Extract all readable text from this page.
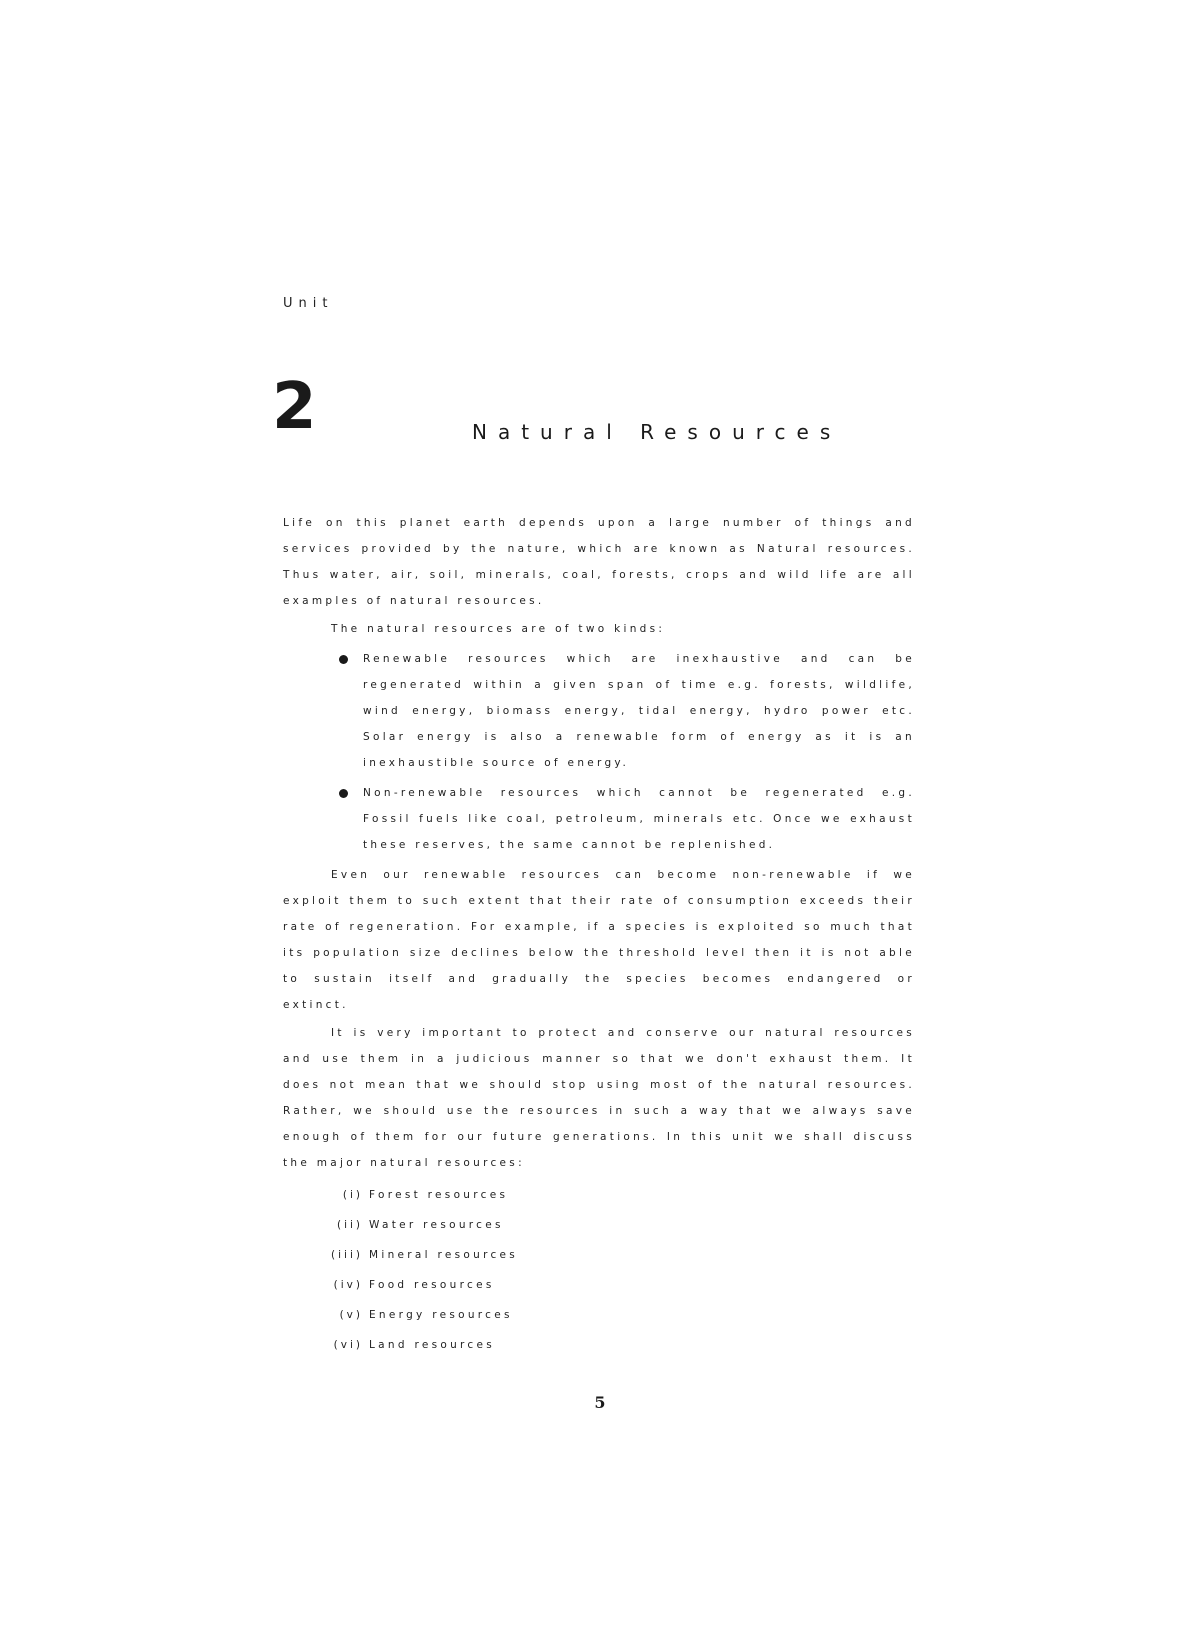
Unit
2	Natural Resources

Life on this planet earth depends upon a large number of things and services provided by the nature, which are known as Natural resources. Thus water, air, soil, minerals, coal, forests, crops and wild life are all examples of natural resources.

The natural resources are of two kinds:

Renewable resources which are inexhaustive and can be regenerated within a given span of time e.g. forests, wildlife, wind energy, biomass energy, tidal energy, hydro power etc. Solar energy is also a renewable form of energy as it is an inexhaustible source of energy.
Non-renewable resources which cannot be regenerated e.g. Fossil fuels like coal, petroleum, minerals etc. Once we exhaust these reserves, the same cannot be replenished.

Even our renewable resources can become non-renewable if we exploit them to such extent that their rate of consumption exceeds their rate of regeneration. For example, if a species is exploited so much that its population size declines below the threshold level then it is not able to sustain itself and gradually the species becomes endangered or extinct.

It is very important to protect and conserve our natural resources and use them in a judicious manner so that we don't exhaust them. It does not mean that we should stop using most of the natural resources. Rather, we should use the resources in such a way that we always save enough of them for our future generations. In this unit we shall discuss the major natural resources:

(i) Forest resources
(ii) Water resources
(iii) Mineral resources
(iv) Food resources
(v) Energy resources
(vi) Land resources
5
